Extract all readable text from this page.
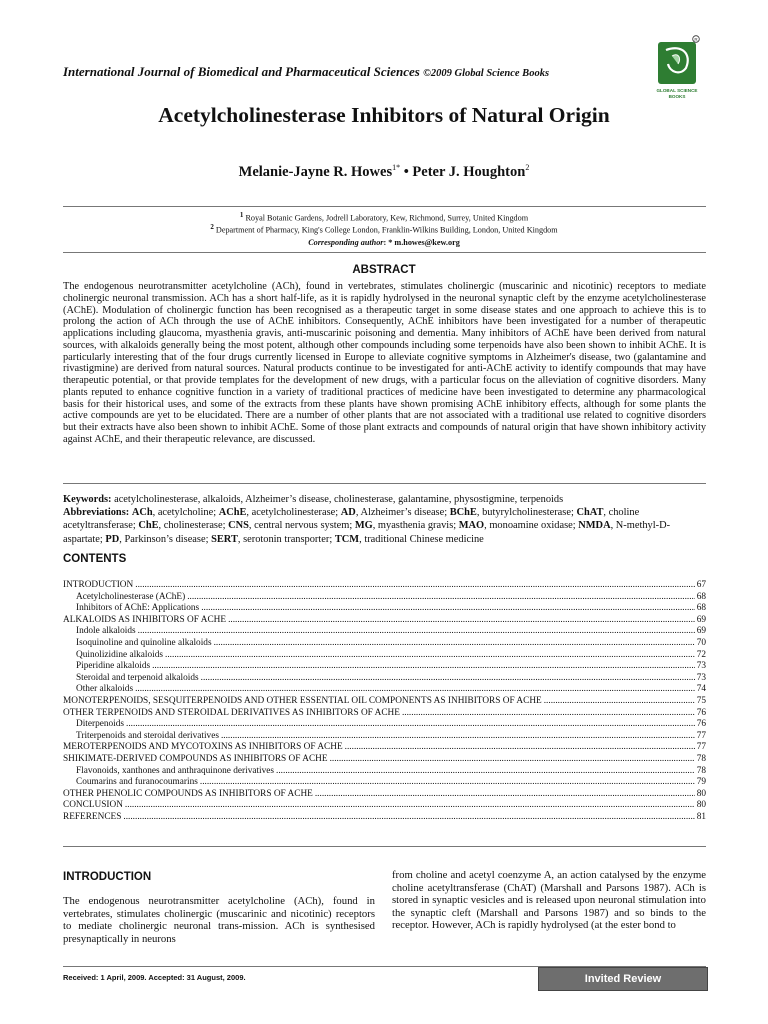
International Journal of Biomedical and Pharmaceutical Sciences ©2009 Global Science Books
R
GLOBAL SCIENCE
BOOKS
Acetylcholinesterase Inhibitors of Natural Origin
Melanie-Jayne R. Howes$^{1*}$ • Peter J. Houghton$^2$
$^1$ Royal Botanic Gardens, Jodrell Laboratory, Kew, Richmond, Surrey, United Kingdom
$^2$ Department of Pharmacy, King's College London, Franklin-Wilkins Building, London, United Kingdom
Corresponding author: * m.howes@kew.org
ABSTRACT
The endogenous neurotransmitter acetylcholine (ACh), found in vertebrates, stimulates cholinergic (muscarinic and nicotinic) receptors to mediate cholinergic neuronal transmission. ACh has a short half-life, as it is rapidly hydrolysed in the neuronal synaptic cleft by the enzyme acetylcholinesterase (AChE). Modulation of cholinergic function has been recognised as a therapeutic target in some disease states and one approach to achieve this is to prolong the action of ACh through the use of AChE inhibitors. Consequently, AChE inhibitors have been investigated for a number of therapeutic applications including glaucoma, myasthenia gravis, anti-muscarinic poisoning and dementia. Many inhibitors of AChE have been derived from natural sources, with alkaloids generally being the most potent, although other compounds including some terpenoids have also been shown to inhibit AChE. It is particularly interesting that of the four drugs currently licensed in Europe to alleviate cognitive symptoms in Alzheimer's disease, two (galantamine and rivastigmine) are derived from natural sources. Natural products continue to be investigated for anti-AChE activity to identify compounds that may have therapeutic potential, or that provide templates for the development of new drugs, with a particular focus on the alleviation of cognitive disorders. Many plants reputed to enhance cognitive function in a variety of traditional practices of medicine have been investigated to determine any pharmacological basis for their historical uses, and some of the extracts from these plants have shown promising AChE inhibitory effects, although for some plants the active compounds are yet to be elucidated. There are a number of other plants that are not associated with a traditional use related to cognitive disorders but their extracts have also been shown to inhibit AChE. Some of those plant extracts and compounds of natural origin that have shown inhibitory activity against AChE, and their therapeutic relevance, are discussed.
Keywords: acetylcholinesterase, alkaloids, Alzheimer’s disease, cholinesterase, galantamine, physostigmine, terpenoids
Abbreviations: ACh, acetylcholine; AChE, acetylcholinesterase; AD, Alzheimer’s disease; BChE, butyrylcholinesterase; ChAT, choline acetyltransferase; ChE, cholinesterase; CNS, central nervous system; MG, myasthenia gravis; MAO, monoamine oxidase; NMDA, N-methyl-D-aspartate; PD, Parkinson’s disease; SERT, serotonin transporter; TCM, traditional Chinese medicine
CONTENTS
INTRODUCTION .....	67
Acetylcholinesterase (AChE) .....	68
Inhibitors of AChE: Applications .....	68
ALKALOIDS AS INHIBITORS OF ACHE .....	69
Indole alkaloids .....	69
Isoquinoline and quinoline alkaloids .....	70
Quinolizidine alkaloids .....	72
Piperidine alkaloids .....	73
Steroidal and terpenoid alkaloids .....	73
Other alkaloids .....	74
MONOTERPENOIDS, SESQUITERPENOIDS AND OTHER ESSENTIAL OIL COMPONENTS AS INHIBITORS OF ACHE .....	75
OTHER TERPENOIDS AND STEROIDAL DERIVATIVES AS INHIBITORS OF ACHE .....	76
Diterpenoids .....	76
Triterpenoids and steroidal derivatives .....	77
MEROTERPENOIDS AND MYCOTOXINS AS INHIBITORS OF ACHE .....	77
SHIKIMATE-DERIVED COMPOUNDS AS INHIBITORS OF ACHE .....	78
Flavonoids, xanthones and anthraquinone derivatives .....	78
Coumarins and furanocoumarins .....	79
OTHER PHENOLIC COMPOUNDS AS INHIBITORS OF ACHE .....	80
CONCLUSION .....	80
REFERENCES .....	81
INTRODUCTION
The endogenous neurotransmitter acetylcholine (ACh), found in vertebrates, stimulates cholinergic (muscarinic and nicotinic) receptors to mediate cholinergic neuronal trans-mission. ACh is synthesised presynaptically in neurons
from choline and acetyl coenzyme A, an action catalysed by the enzyme choline acetyltransferase (ChAT) (Marshall and Parsons 1987). ACh is stored in synaptic vesicles and is released upon neuronal stimulation into the synaptic cleft (Marshall and Parsons 1987) and so binds to the receptor. However, ACh is rapidly hydrolysed (at the ester bond to
Received: 1 April, 2009. Accepted: 31 August, 2009.	Invited Review
